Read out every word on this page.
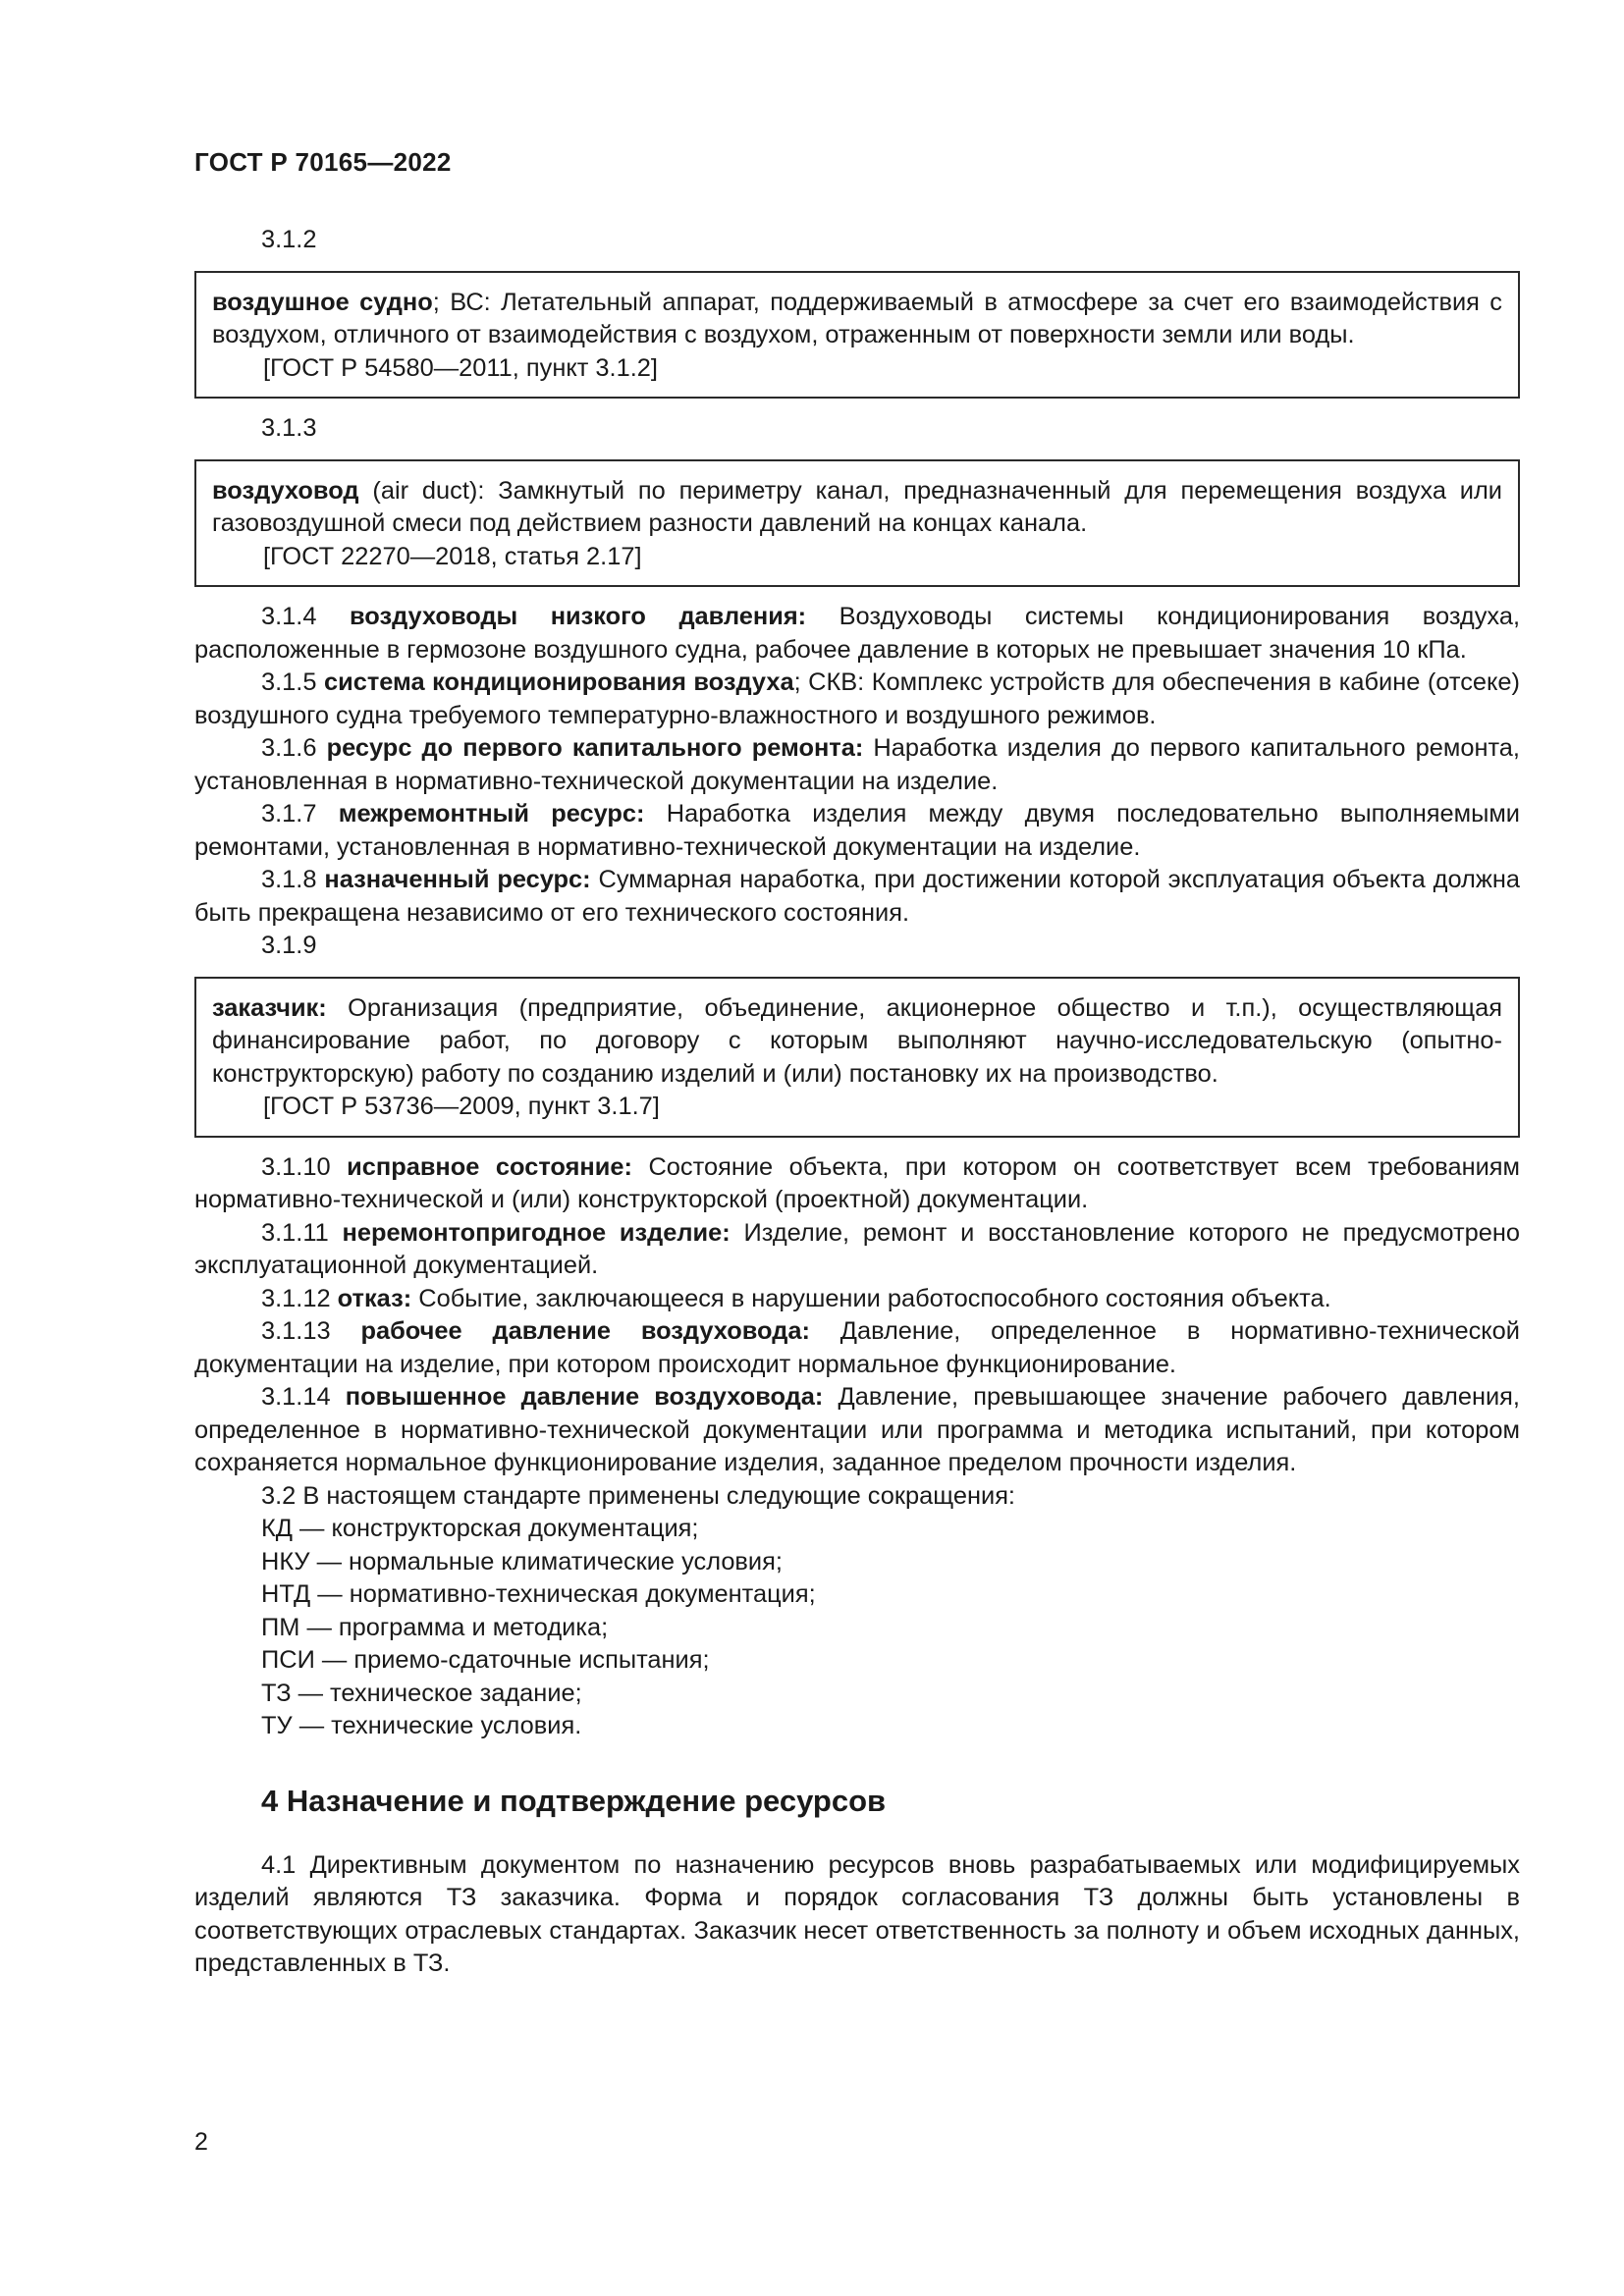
ГОСТ Р 70165—2022
3.1.2
воздушное судно; ВС: Летательный аппарат, поддерживаемый в атмосфере за счет его взаимодействия с воздухом, отличного от взаимодействия с воздухом, отраженным от поверхности земли или воды.
[ГОСТ Р 54580—2011, пункт 3.1.2]
3.1.3
воздуховод (air duct): Замкнутый по периметру канал, предназначенный для перемещения воздуха или газовоздушной смеси под действием разности давлений на концах канала.
[ГОСТ 22270—2018, статья 2.17]

3.1.4 воздуховоды низкого давления: Воздуховоды системы кондиционирования воздуха, расположенные в гермозоне воздушного судна, рабочее давление в которых не превышает значения 10 кПа.

3.1.5 система кондиционирования воздуха; СКВ: Комплекс устройств для обеспечения в кабине (отсеке) воздушного судна требуемого температурно-влажностного и воздушного режимов.

3.1.6 ресурс до первого капитального ремонта: Наработка изделия до первого капитального ремонта, установленная в нормативно-технической документации на изделие.

3.1.7 межремонтный ресурс: Наработка изделия между двумя последовательно выполняемыми ремонтами, установленная в нормативно-технической документации на изделие.

3.1.8 назначенный ресурс: Суммарная наработка, при достижении которой эксплуатация объекта должна быть прекращена независимо от его технического состояния.

3.1.9
заказчик: Организация (предприятие, объединение, акционерное общество и т.п.), осуществляющая финансирование работ, по договору с которым выполняют научно-исследовательскую (опытно-конструкторскую) работу по созданию изделий и (или) постановку их на производство.
[ГОСТ Р 53736—2009, пункт 3.1.7]

3.1.10 исправное состояние: Состояние объекта, при котором он соответствует всем требованиям нормативно-технической и (или) конструкторской (проектной) документации.

3.1.11 неремонтопригодное изделие: Изделие, ремонт и восстановление которого не предусмотрено эксплуатационной документацией.

3.1.12 отказ: Событие, заключающееся в нарушении работоспособного состояния объекта.

3.1.13 рабочее давление воздуховода: Давление, определенное в нормативно-технической документации на изделие, при котором происходит нормальное функционирование.

3.1.14 повышенное давление воздуховода: Давление, превышающее значение рабочего давления, определенное в нормативно-технической документации или программа и методика испытаний, при котором сохраняется нормальное функционирование изделия, заданное пределом прочности изделия.

3.2 В настоящем стандарте применены следующие сокращения:
КД — конструкторская документация;
НКУ — нормальные климатические условия;
НТД — нормативно-техническая документация;
ПМ — программа и методика;
ПСИ — приемо-сдаточные испытания;
ТЗ — техническое задание;
ТУ — технические условия.
4 Назначение и подтверждение ресурсов

4.1 Директивным документом по назначению ресурсов вновь разрабатываемых или модифицируемых изделий являются ТЗ заказчика. Форма и порядок согласования ТЗ должны быть установлены в соответствующих отраслевых стандартах. Заказчик несет ответственность за полноту и объем исходных данных, представленных в ТЗ.

2
